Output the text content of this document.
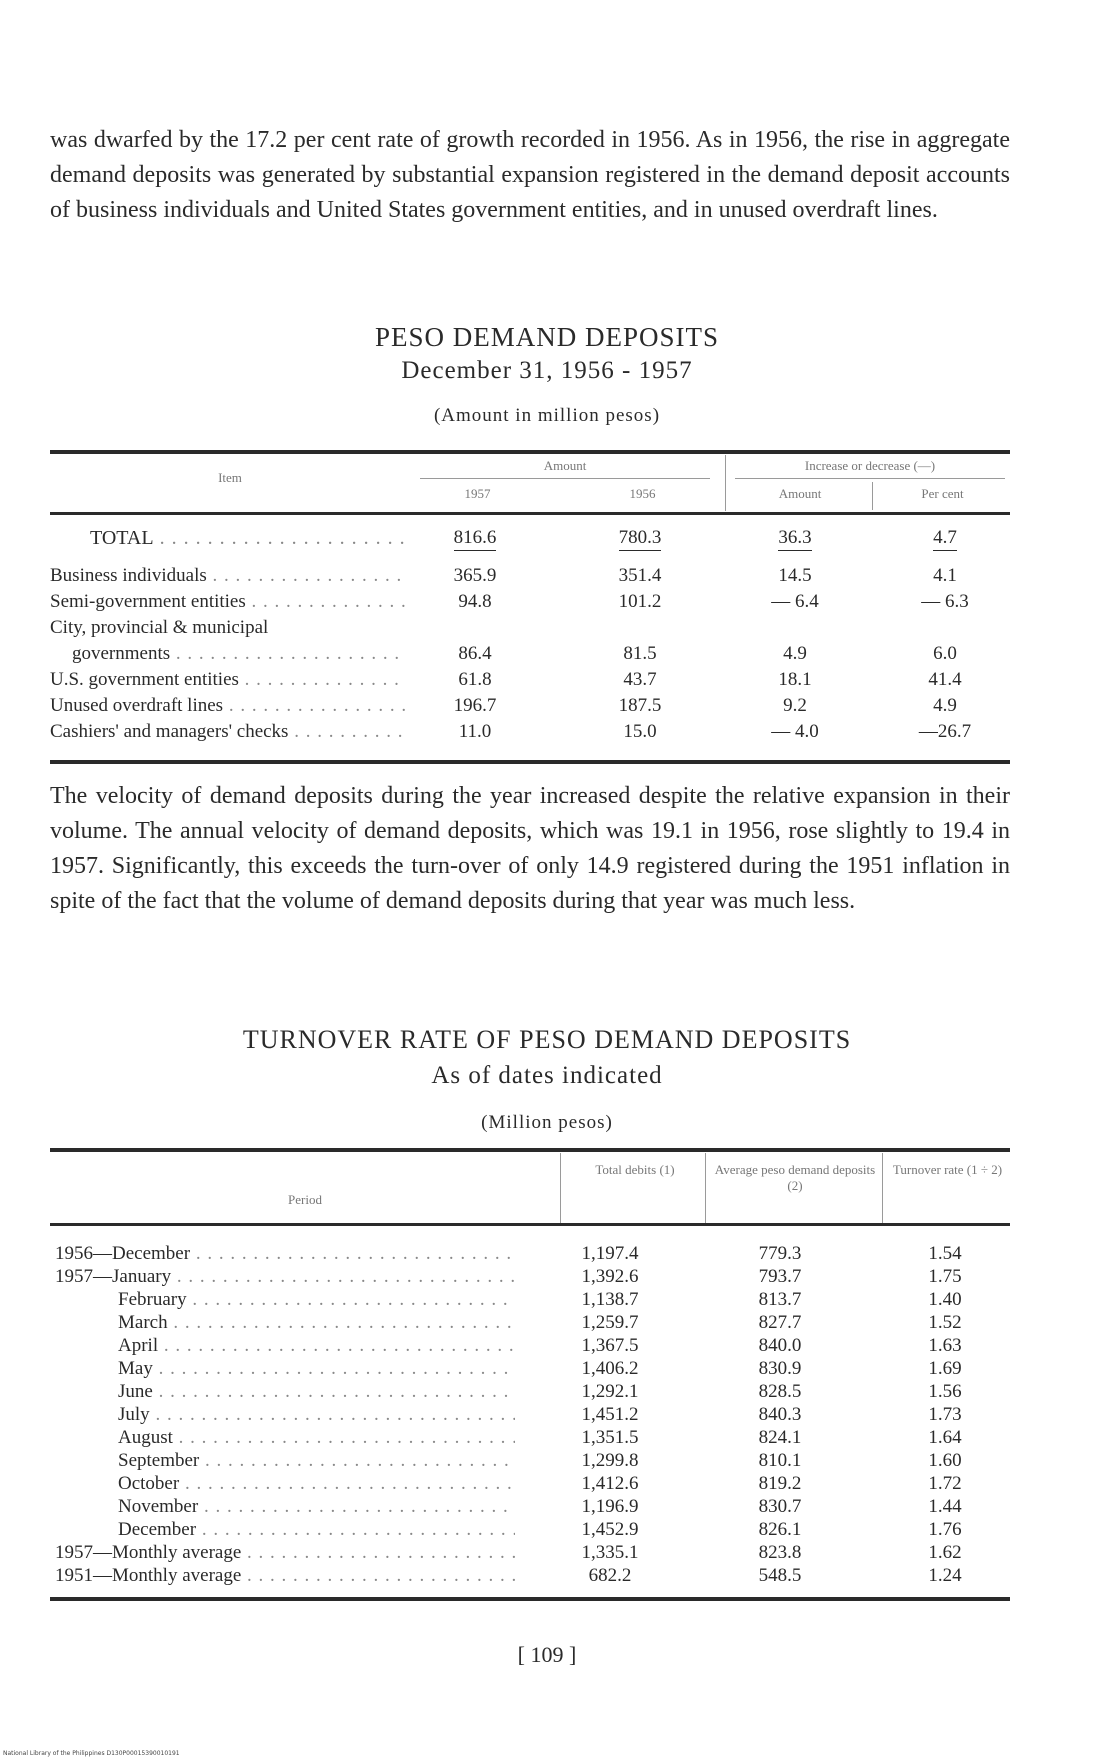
was dwarfed by the 17.2 per cent rate of growth recorded in 1956. As in 1956, the rise in aggregate demand deposits was generated by substantial expansion registered in the demand deposit accounts of business individuals and United States government entities, and in unused overdraft lines.
PESO DEMAND DEPOSITS
December 31, 1956 - 1957
(Amount in million pesos)
Item
Amount
1957	1956
Increase or decrease (—)
Amount	Per cent
TOTAL . . .	816.6	780.3	36.3	4.7
Business individuals . . .	365.9	351.4	14.5	4.1
Semi-government entities . . .	94.8	101.2	— 6.4	— 6.3
City, provincial & municipal
governments . . .	86.4	81.5	4.9	6.0
U.S. government entities . . .	61.8	43.7	18.1	41.4
Unused overdraft lines . . .	196.7	187.5	9.2	4.9
Cashiers' and managers' checks . . .	11.0	15.0	— 4.0	—26.7
The velocity of demand deposits during the year increased despite the relative expansion in their volume. The annual velocity of demand deposits, which was 19.1 in 1956, rose slightly to 19.4 in 1957. Significantly, this exceeds the turn-over of only 14.9 registered during the 1951 inflation in spite of the fact that the volume of demand deposits during that year was much less.
TURNOVER RATE OF PESO DEMAND DEPOSITS
As of dates indicated
(Million pesos)
Period
Total debits (1)	Average peso demand deposits (2)
Turnover rate (1 ÷ 2)
1956—December . . .	1,197.4	779.3	1.54
1957—January . . .	1,392.6	793.7	1.75
February . . .	1,138.7	813.7	1.40
March . . .	1,259.7	827.7	1.52
April . . .	1,367.5	840.0	1.63
May . . .	1,406.2	830.9	1.69
June . . .	1,292.1	828.5	1.56
July . . .	1,451.2	840.3	1.73
August . . .	1,351.5	824.1	1.64
September . . .	1,299.8	810.1	1.60
October . . .	1,412.6	819.2	1.72
November . . .	1,196.9	830.7	1.44
December . . .	1,452.9	826.1	1.76
1957—Monthly average . . .	1,335.1	823.8	1.62
1951—Monthly average . . .	682.2	548.5	1.24
[ 109 ]
National Library of the Philippines D130P00015390010191
